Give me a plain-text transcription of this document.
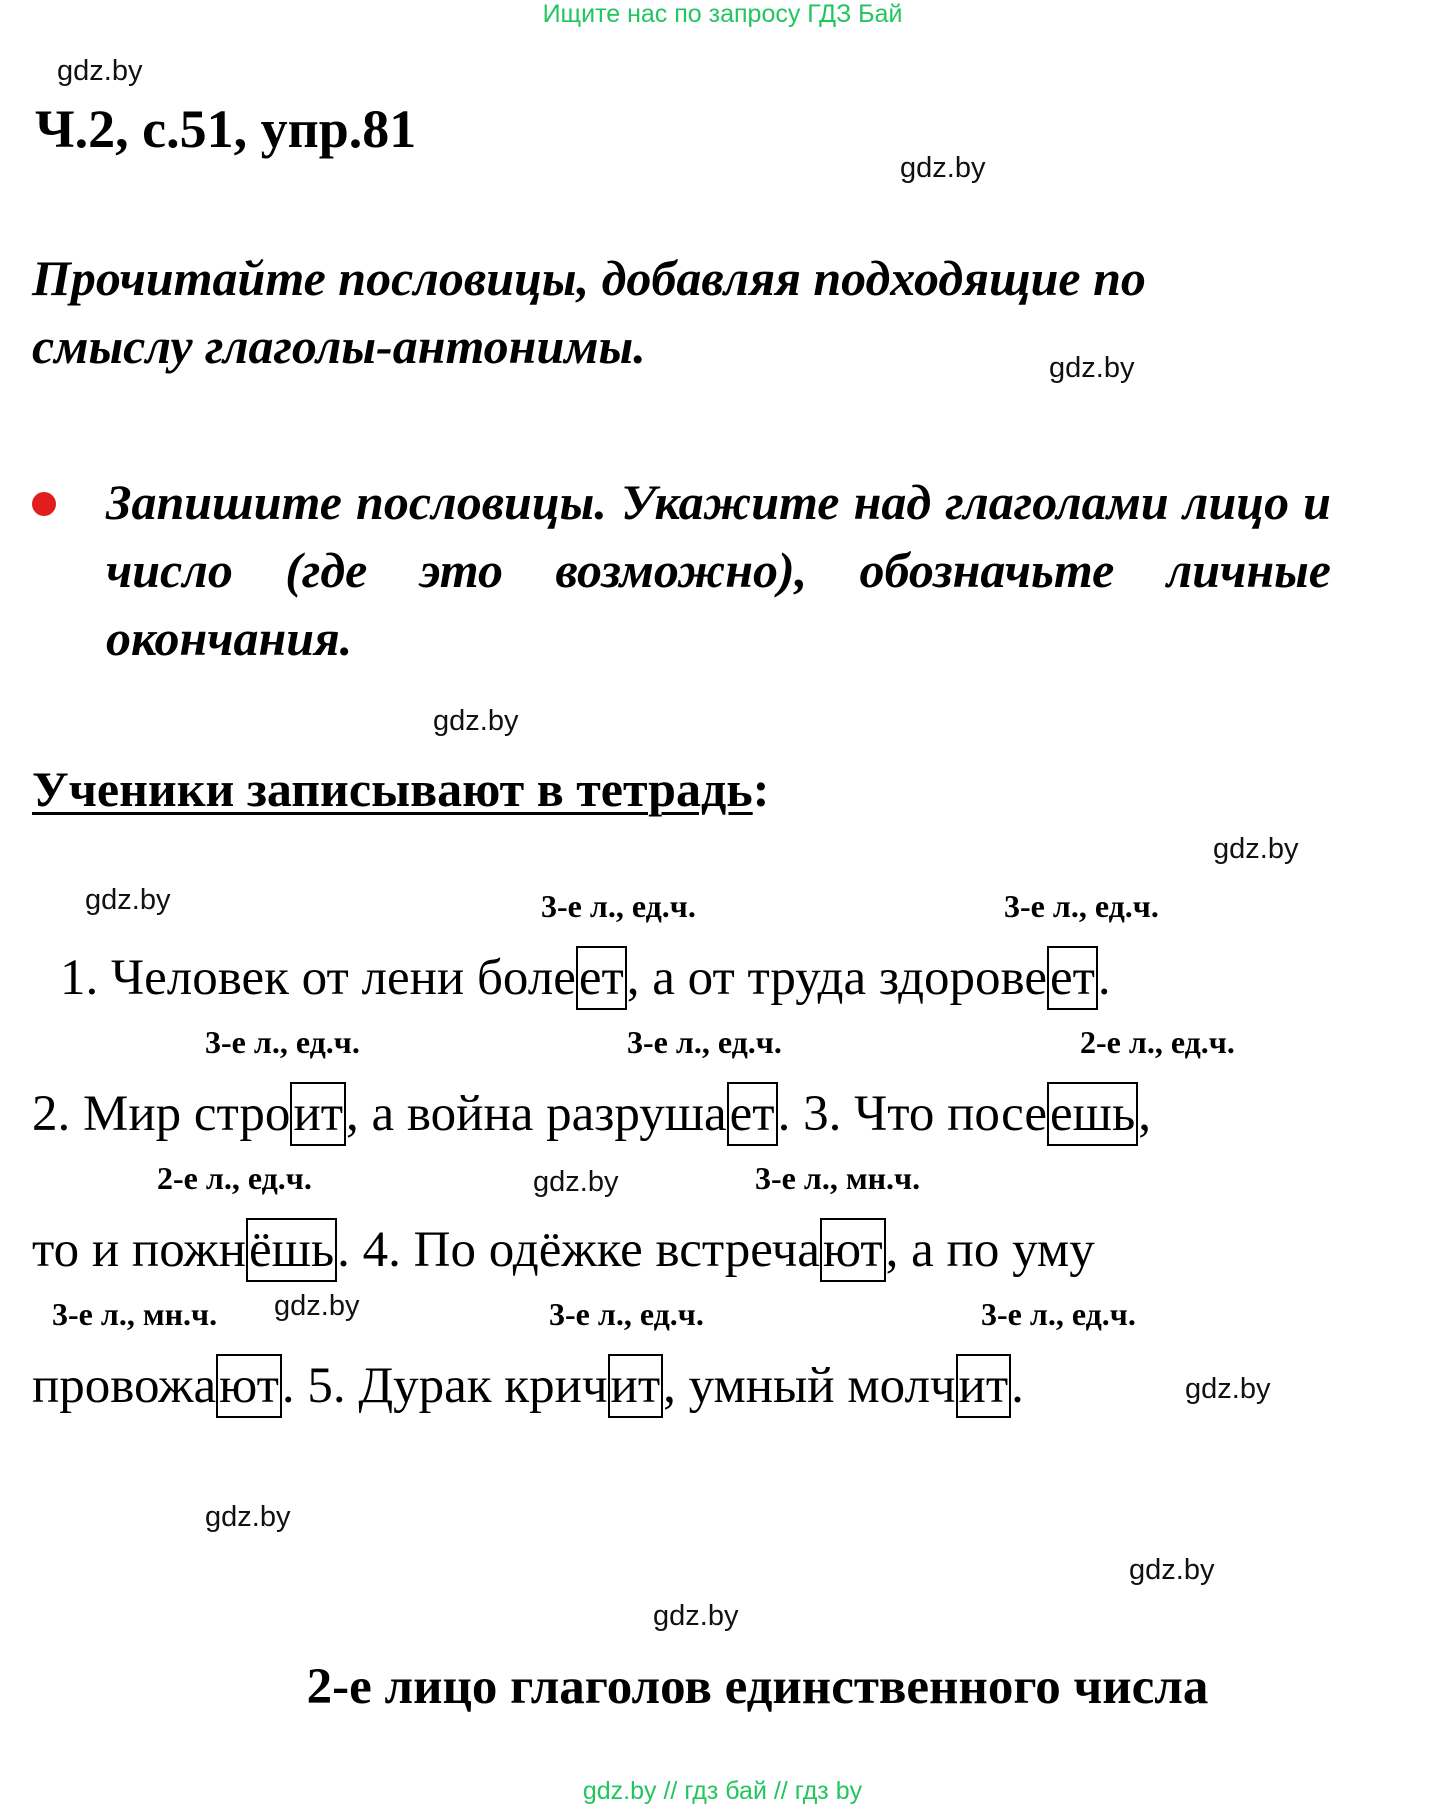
Ищите нас по запросу ГДЗ Бай
gdz.by
gdz.by
gdz.by
gdz.by
gdz.by
gdz.by
gdz.by
gdz.by
gdz.by
gdz.by
gdz.by
gdz.by
Ч.2, с.51, упр.81
Прочитайте пословицы, добавляя подходящие по
смыслу глаголы-антонимы.
Запишите пословицы. Укажите над глаголами лицо и число (где это возможно), обозначьте личные окончания.
Ученики записывают в тетрадь:
3-е л., ед.ч.	3-е л., ед.ч.
1. Человек от лени болеет, а от труда здоровеет.
3-е л., ед.ч.	3-е л., ед.ч.	2-е л., ед.ч.
2. Мир строит, а война разрушает. 3. Что посеешь,
2-е л., ед.ч.	3-е л., мн.ч.
то и пожнёшь. 4. По одёжке встречают, а по уму
3-е л., мн.ч.	3-е л., ед.ч.	3-е л., ед.ч.
провожают. 5. Дурак кричит, умный молчит.
2-е лицо глаголов единственного числа
gdz.by // гдз бай // гдз by
